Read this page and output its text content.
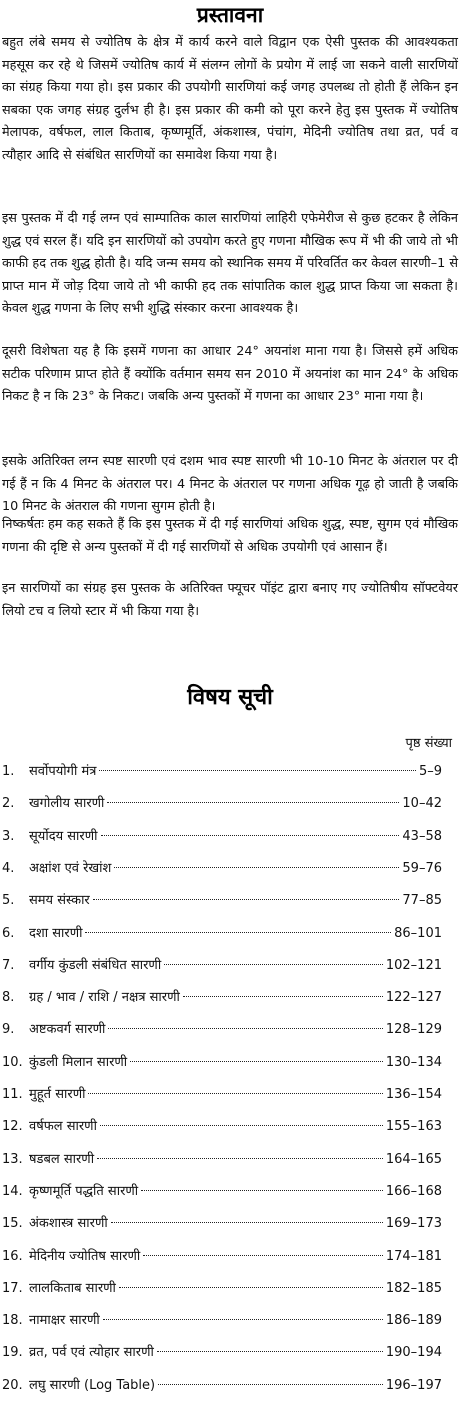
प्रस्तावना

बहुत लंबे समय से ज्योतिष के क्षेत्र में कार्य करने वाले विद्वान एक ऐसी पुस्तक की आवश्यकता महसूस कर रहे थे जिसमें ज्योतिष कार्य में संलग्न लोगों के प्रयोग में लाई जा सकने वाली सारणियों का संग्रह किया गया हो। इस प्रकार की उपयोगी सारणियां कई जगह उपलब्ध तो होती हैं लेकिन इन सबका एक जगह संग्रह दुर्लभ ही है। इस प्रकार की कमी को पूरा करने हेतु इस पुस्तक में ज्योतिष मेलापक, वर्षफल, लाल किताब, कृष्णमूर्ति, अंकशास्त्र, पंचांग, मेदिनी ज्योतिष तथा व्रत, पर्व व त्यौहार आदि से संबंधित सारणियों का समावेश किया गया है।

इस पुस्तक में दी गई लग्न एवं साम्पातिक काल सारणियां लाहिरी एफेमेरीज से कुछ हटकर है लेकिन शुद्ध एवं सरल हैं। यदि इन सारणियों को उपयोग करते हुए गणना मौखिक रूप में भी की जाये तो भी काफी हद तक शुद्ध होती है। यदि जन्म समय को स्थानिक समय में परिवर्तित कर केवल सारणी–1 से प्राप्त मान में जोड़ दिया जाये तो भी काफी हद तक सांपातिक काल शुद्ध प्राप्त किया जा सकता है। केवल शुद्ध गणना के लिए सभी शुद्धि संस्कार करना आवश्यक है।

दूसरी विशेषता यह है कि इसमें गणना का आधार 24° अयनांश माना गया है। जिससे हमें अधिक सटीक परिणाम प्राप्त होते हैं क्योंकि वर्तमान समय सन 2010 में अयनांश का मान 24° के अधिक निकट है न कि 23° के निकट। जबकि अन्य पुस्तकों में गणना का आधार 23° माना गया है।

इसके अतिरिक्त लग्न स्पष्ट सारणी एवं दशम भाव स्पष्ट सारणी भी 10-10 मिनट के अंतराल पर दी गई हैं न कि 4 मिनट के अंतराल पर। 4 मिनट के अंतराल पर गणना अधिक गूढ़ हो जाती है जबकि 10 मिनट के अंतराल की गणना सुगम होती है।

निष्कर्षतः हम कह सकते हैं कि इस पुस्तक में दी गई सारणियां अधिक शुद्ध, स्पष्ट, सुगम एवं मौखिक गणना की दृष्टि से अन्य पुस्तकों में दी गई सारणियों से अधिक उपयोगी एवं आसान हैं।

इन सारणियों का संग्रह इस पुस्तक के अतिरिक्त फ्यूचर पॉइंट द्वारा बनाए गए ज्योतिषीय सॉफ्टवेयर लियो टच व लियो स्टार में भी किया गया है।

विषय सूची
पृष्ठ संख्या
1.	सर्वोपयोगी मंत्र	5–9
2.	खगोलीय सारणी	10–42
3.	सूर्योदय सारणी	43–58
4.	अक्षांश एवं रेखांश	59–76
5.	समय संस्कार	77–85
6.	दशा सारणी	86–101
7.	वर्गीय कुंडली संबंधित सारणी	102–121
8.	ग्रह / भाव / राशि / नक्षत्र सारणी	122–127
9.	अष्टकवर्ग सारणी	128–129
10. कुंडली मिलान सारणी	130–134
11. मुहूर्त सारणी	136–154
12. वर्षफल सारणी	155–163
13. षडबल सारणी	164–165
14. कृष्णमूर्ति पद्धति सारणी	166–168
15. अंकशास्त्र सारणी	169–173
16. मेदिनीय ज्योतिष सारणी	174–181
17. लालकिताब सारणी	182–185
18. नामाक्षर सारणी	186–189
19. व्रत, पर्व एवं त्योहार सारणी	190–194
20. लघु सारणी (Log Table)	196–197
